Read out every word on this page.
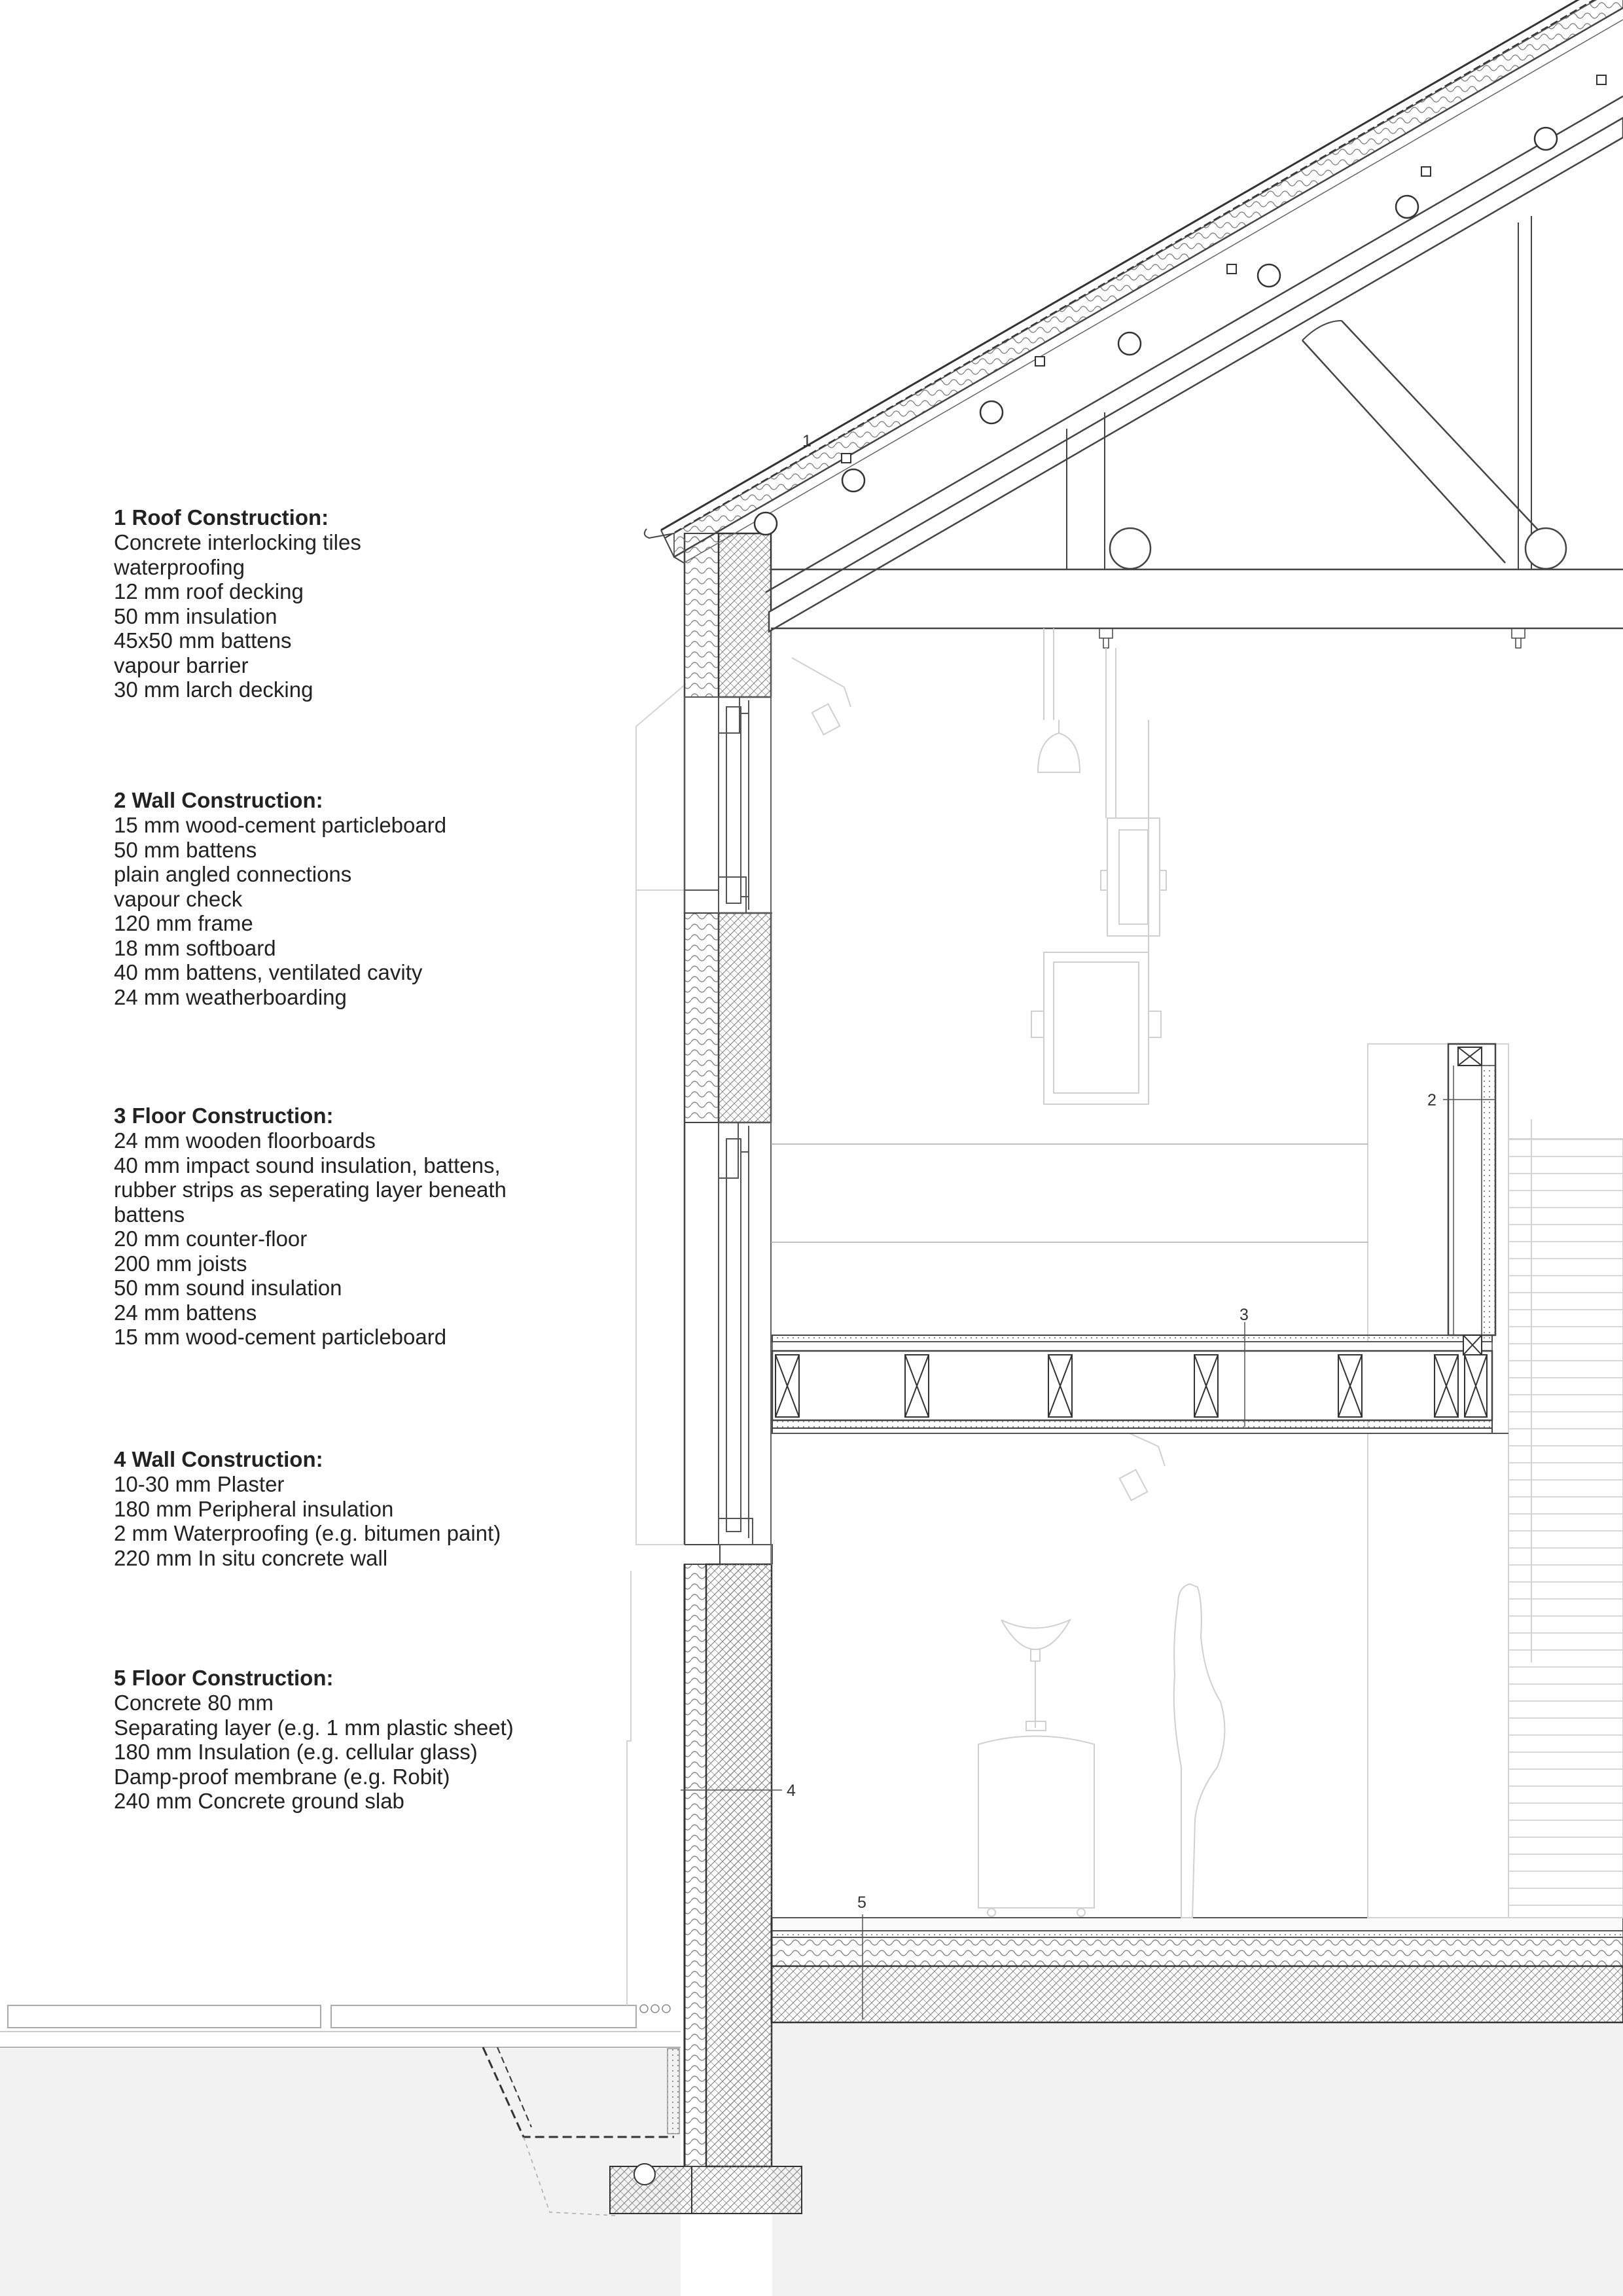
1
2
3
4
5

1 Roof Construction:

Concrete interlocking tiles

waterproofing

12 mm roof decking

50 mm insulation

45x50 mm battens

vapour barrier

30 mm larch decking

2 Wall Construction:

15 mm wood-cement particleboard

50 mm battens

plain angled connections

vapour check

120 mm frame

18 mm softboard

40 mm battens, ventilated cavity

24 mm weatherboarding

3 Floor Construction:

24 mm wooden floorboards

40 mm impact sound insulation, battens,

rubber strips as seperating layer beneath

battens

20 mm counter-floor

200 mm joists

50 mm sound insulation

24 mm battens

15 mm wood-cement particleboard

4 Wall Construction:

10-30 mm Plaster

180 mm Peripheral insulation

2 mm Waterproofing (e.g. bitumen paint)

220 mm In situ concrete wall

5 Floor Construction:

Concrete 80 mm

Separating layer (e.g. 1 mm plastic sheet)

180 mm Insulation (e.g. cellular glass)

Damp-proof membrane (e.g. Robit)

240 mm Concrete ground slab
